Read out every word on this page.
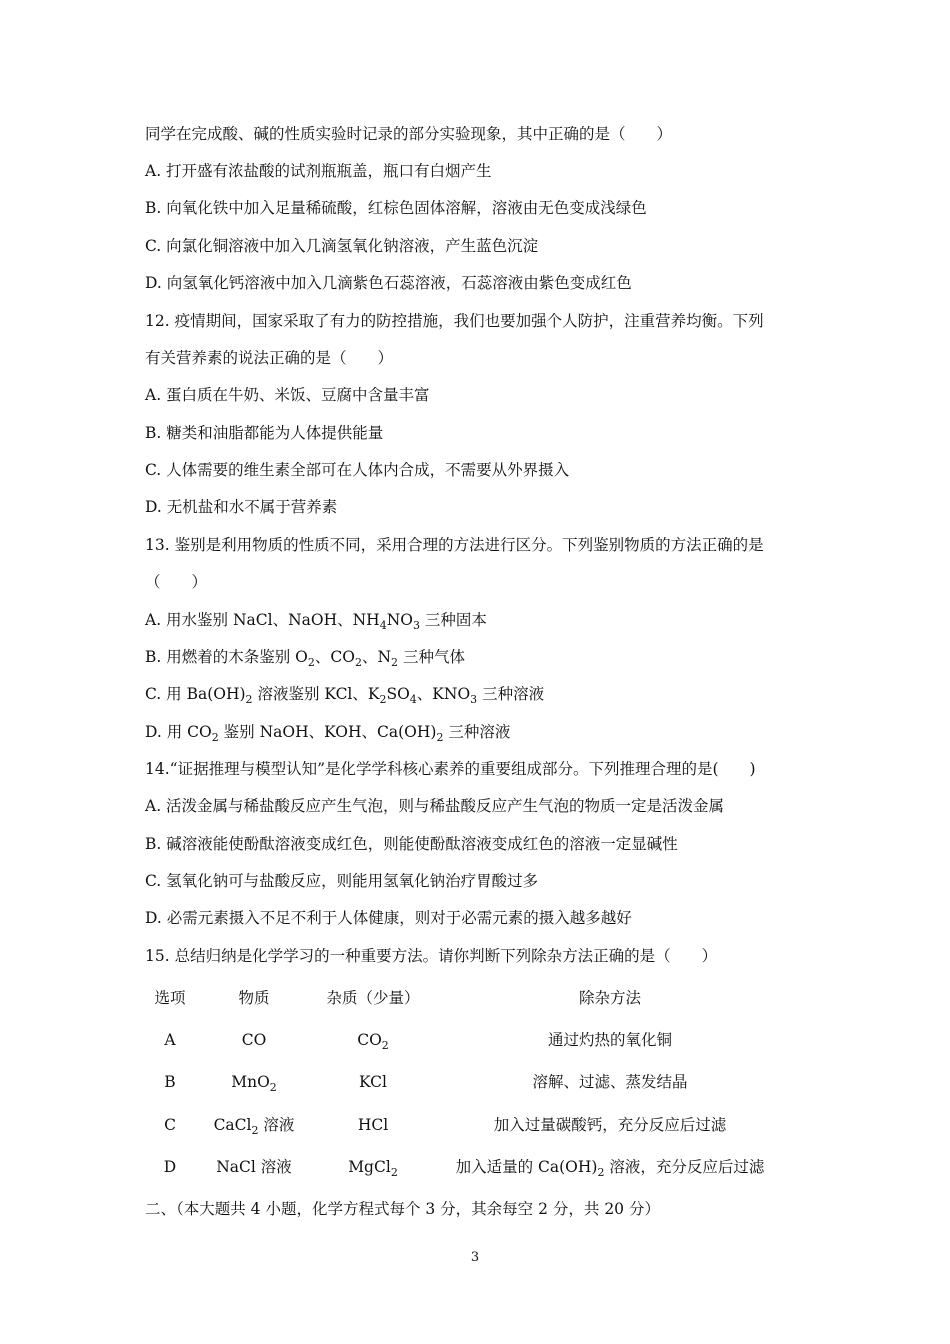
同学在完成酸、碱的性质实验时记录的部分实验现象，其中正确的是（　　）
A. 打开盛有浓盐酸的试剂瓶瓶盖，瓶口有白烟产生
B. 向氧化铁中加入足量稀硫酸，红棕色固体溶解，溶液由无色变成浅绿色
C. 向氯化铜溶液中加入几滴氢氧化钠溶液，产生蓝色沉淀
D. 向氢氧化钙溶液中加入几滴紫色石蕊溶液，石蕊溶液由紫色变成红色
12. 疫情期间，国家采取了有力的防控措施，我们也要加强个人防护，注重营养均衡。下列
有关营养素的说法正确的是（　　）
A. 蛋白质在牛奶、米饭、豆腐中含量丰富
B. 糖类和油脂都能为人体提供能量
C. 人体需要的维生素全部可在人体内合成，不需要从外界摄入
D. 无机盐和水不属于营养素
13. 鉴别是利用物质的性质不同，采用合理的方法进行区分。下列鉴别物质的方法正确的是
（　　）
A. 用水鉴别 NaCl、NaOH、$NH_4NO_3$ 三种固本
B. 用燃着的木条鉴别 $O_2$、$CO_2$、$N_2$ 三种气体
C. 用 $Ba(OH)_2$ 溶液鉴别 KCl、$K_2SO_4$、$KNO_3$ 三种溶液
D. 用 $CO_2$ 鉴别 NaOH、KOH、$Ca(OH)_2$ 三种溶液
14.“证据推理与模型认知”是化学学科核心素养的重要组成部分。下列推理合理的是(　　)
A. 活泼金属与稀盐酸反应产生气泡，则与稀盐酸反应产生气泡的物质一定是活泼金属
B. 碱溶液能使酚酞溶液变成红色，则能使酚酞溶液变成红色的溶液一定显碱性
C. 氢氧化钠可与盐酸反应，则能用氢氧化钠治疗胃酸过多
D. 必需元素摄入不足不利于人体健康，则对于必需元素的摄入越多越好
15. 总结归纳是化学学习的一种重要方法。请你判断下列除杂方法正确的是（　　）
选项	物质	杂质（少量）	除杂方法
A	CO	$CO_2$	通过灼热的氧化铜
B	MnO$_2$	KCl	溶解、过滤、蒸发结晶
C	CaCl$_2$ 溶液	HCl	加入过量碳酸钙，充分反应后过滤
D	NaCl 溶液	MgCl$_2$	加入适量的 $Ca(OH)_2$ 溶液，充分反应后过滤
二、（本大题共 4 小题，化学方程式每个 3 分，其余每空 2 分，共 20 分）
3
